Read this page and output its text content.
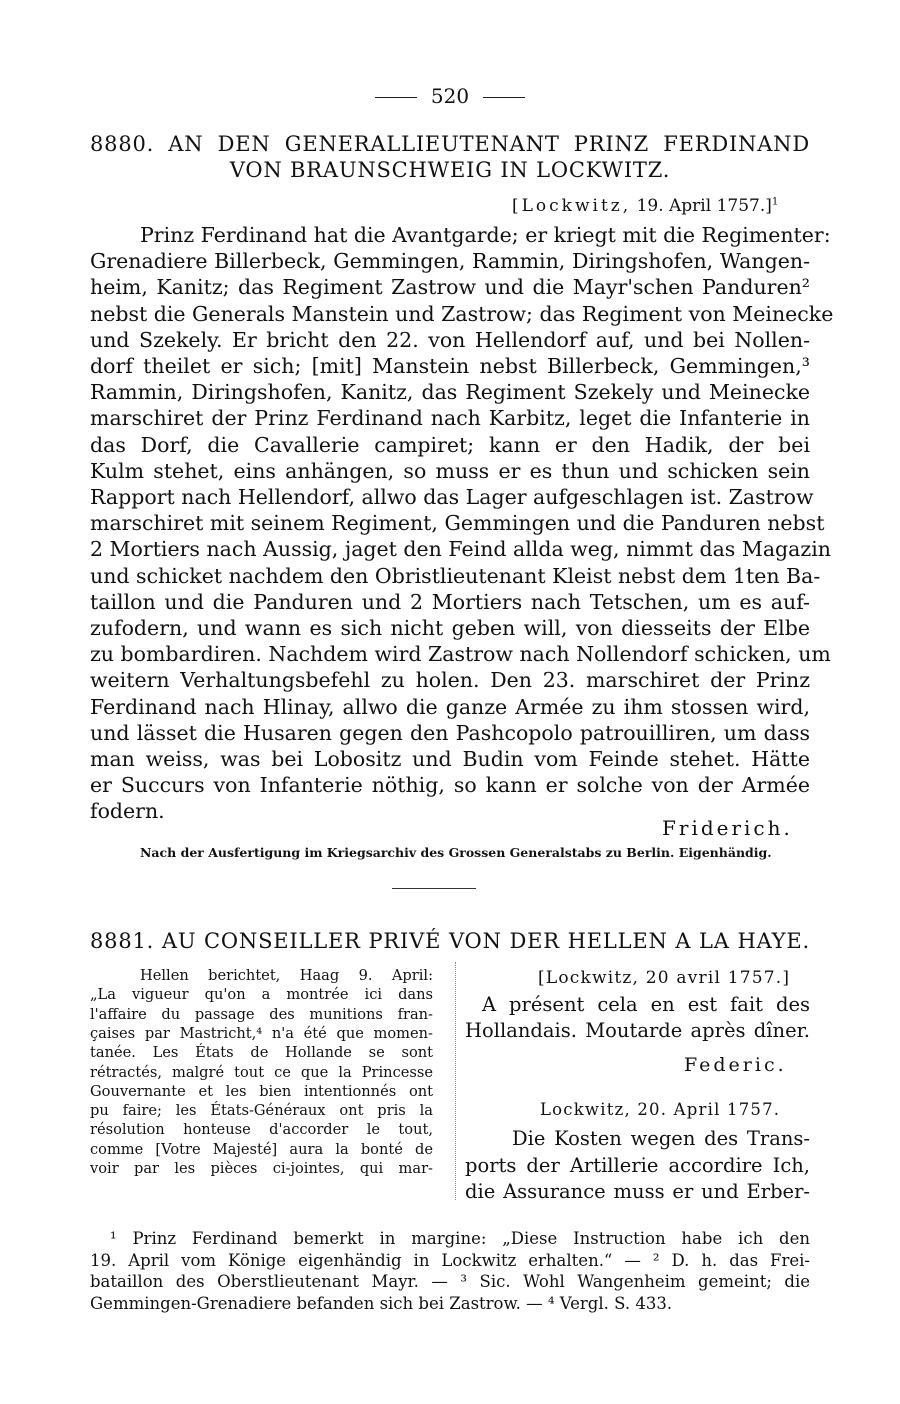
520
8880. AN DEN GENERALLIEUTENANT PRINZ FERDINAND
VON BRAUNSCHWEIG IN LOCKWITZ.
[Lockwitz, 19. April 1757.]$^1$
Prinz Ferdinand hat die Avantgarde; er kriegt mit die Regimenter:
Grenadiere Billerbeck, Gemmingen, Rammin, Diringshofen, Wangen-
heim, Kanitz; das Regiment Zastrow und die Mayr'schen Panduren²
nebst die Generals Manstein und Zastrow; das Regiment von Meinecke
und Szekely. Er bricht den 22. von Hellendorf auf, und bei Nollen-
dorf theilet er sich; [mit] Manstein nebst Billerbeck, Gemmingen,³
Rammin, Diringshofen, Kanitz, das Regiment Szekely und Meinecke
marschiret der Prinz Ferdinand nach Karbitz, leget die Infanterie in
das Dorf, die Cavallerie campiret; kann er den Hadik, der bei
Kulm stehet, eins anhängen, so muss er es thun und schicken sein
Rapport nach Hellendorf, allwo das Lager aufgeschlagen ist. Zastrow
marschiret mit seinem Regiment, Gemmingen und die Panduren nebst
2 Mortiers nach Aussig, jaget den Feind allda weg, nimmt das Magazin
und schicket nachdem den Obristlieutenant Kleist nebst dem 1ten Ba-
taillon und die Panduren und 2 Mortiers nach Tetschen, um es auf-
zufodern, und wann es sich nicht geben will, von diesseits der Elbe
zu bombardiren. Nachdem wird Zastrow nach Nollendorf schicken, um
weitern Verhaltungsbefehl zu holen. Den 23. marschiret der Prinz
Ferdinand nach Hlinay, allwo die ganze Armée zu ihm stossen wird,
und lässet die Husaren gegen den Pashcopolo patrouilliren, um dass
man weiss, was bei Lobositz und Budin vom Feinde stehet. Hätte
er Succurs von Infanterie nöthig, so kann er solche von der Armée
fodern.
Friderich.
Nach der Ausfertigung im Kriegsarchiv des Grossen Generalstabs zu Berlin. Eigenhändig.
8881. AU CONSEILLER PRIVÉ VON DER HELLEN A LA HAYE.
Hellen berichtet, Haag 9. April:
„La vigueur qu'on a montrée ici dans
l'affaire du passage des munitions fran-
çaises par Mastricht,⁴ n'a été que momen-
tanée. Les États de Hollande se sont
rétractés, malgré tout ce que la Princesse
Gouvernante et les bien intentionnés ont
pu faire; les États-Généraux ont pris la
résolution honteuse d'accorder le tout,
comme [Votre Majesté] aura la bonté de
voir par les pièces ci-jointes, qui mar-
[Lockwitz, 20 avril 1757.]
A présent cela en est fait des
Hollandais. Moutarde après dîner.
Federic.
Lockwitz, 20. April 1757.
Die Kosten wegen des Trans-
ports der Artillerie accordire Ich,
die Assurance muss er und Erber-
¹ Prinz Ferdinand bemerkt in margine: „Diese Instruction habe ich den
19. April vom Könige eigenhändig in Lockwitz erhalten.“ — ² D. h. das Frei-
bataillon des Oberstlieutenant Mayr. — ³ Sic. Wohl Wangenheim gemeint; die
Gemmingen-Grenadiere befanden sich bei Zastrow. — ⁴ Vergl. S. 433.
